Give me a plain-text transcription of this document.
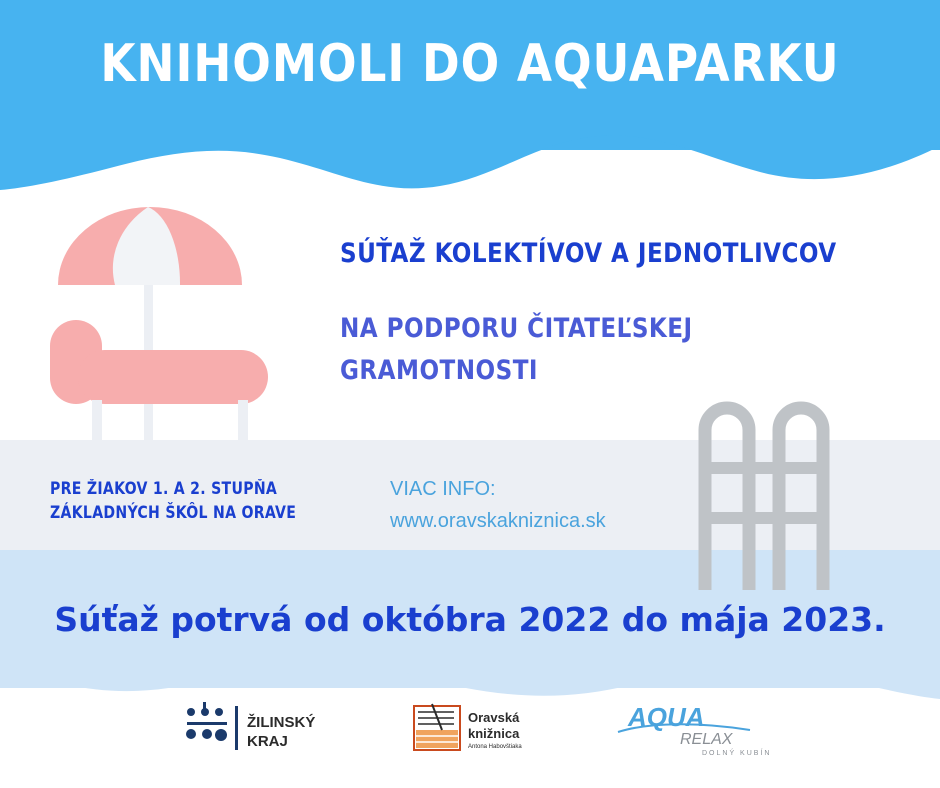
KNIHOMOLI DO AQUAPARKU
SÚŤAŽ KOLEKTÍVOV A JEDNOTLIVCOV
NA PODPORU ČITATEĽSKEJ GRAMOTNOSTI
PRE ŽIAKOV 1. A 2. STUPŇA ZÁKLADNÝCH ŠKÔL NA ORAVE
VIAC INFO:
www.oravskakniznica.sk
Súťaž potrvá od októbra 2022 do mája 2023.
ŽILINSKÝ
KRAJ
Oravská
knižnica
Antona Habovštiaka
AQUA
RELAX
DOLNÝ KUBÍN
